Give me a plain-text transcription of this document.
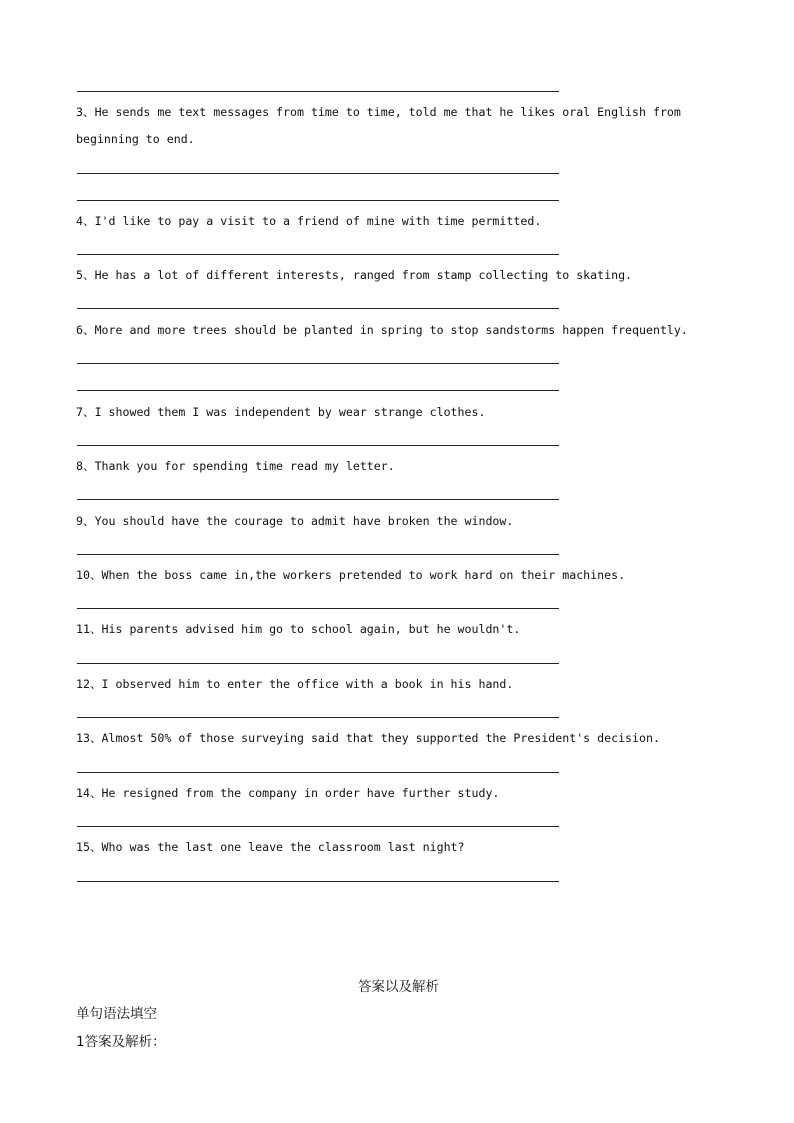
3、He sends me text messages from time to time, told me that he likes oral English from beginning to end.

4、I'd like to pay a visit to a friend of mine with time permitted.

5、He has a lot of different interests, ranged from stamp collecting to skating.

6、More and more trees should be planted in spring to stop sandstorms happen frequently.

7、I showed them I was independent by wear strange clothes.

8、Thank you for spending time read my letter.

9、You should have the courage to admit have broken the window.

10、When the boss came in,the workers pretended to work hard on their machines.

11、His parents advised him go to school again, but he wouldn't.

12、I observed him to enter the office with a book in his hand.

13、Almost 50% of those surveying said that they supported the President's decision.

14、He resigned from the company in order have further study.

15、Who was the last one leave the classroom last night?

答案以及解析

单句语法填空

1答案及解析：
